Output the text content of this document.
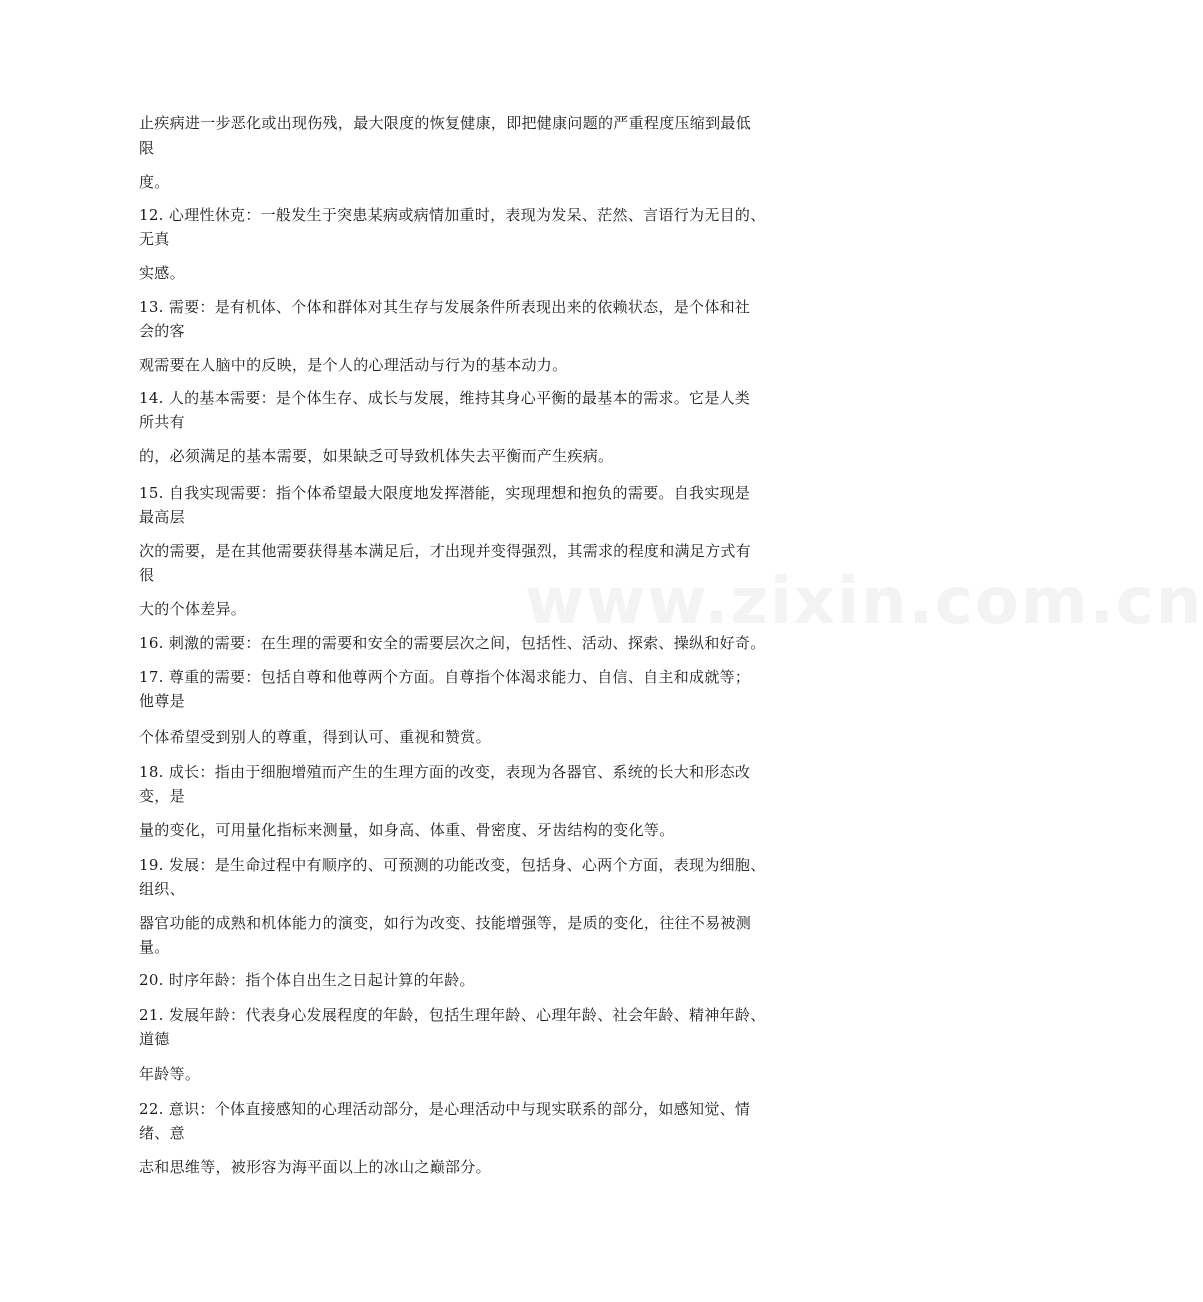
www.zixin.com.cn
止疾病进一步恶化或出现伤残，最大限度的恢复健康，即把健康问题的严重程度压缩到最低
限
度。
12. 心理性休克：一般发生于突患某病或病情加重时，表现为发呆、茫然、言语行为无目的、
无真
实感。
13. 需要：是有机体、个体和群体对其生存与发展条件所表现出来的依赖状态，是个体和社
会的客
观需要在人脑中的反映，是个人的心理活动与行为的基本动力。
14. 人的基本需要：是个体生存、成长与发展，维持其身心平衡的最基本的需求。它是人类
所共有
的，必须满足的基本需要，如果缺乏可导致机体失去平衡而产生疾病。
15. 自我实现需要：指个体希望最大限度地发挥潜能，实现理想和抱负的需要。自我实现是
最高层
次的需要，是在其他需要获得基本满足后，才出现并变得强烈，其需求的程度和满足方式有
很
大的个体差异。
16. 刺激的需要：在生理的需要和安全的需要层次之间，包括性、活动、探索、操纵和好奇。
17. 尊重的需要：包括自尊和他尊两个方面。自尊指个体渴求能力、自信、自主和成就等；
他尊是
个体希望受到别人的尊重，得到认可、重视和赞赏。
18. 成长：指由于细胞增殖而产生的生理方面的改变，表现为各器官、系统的长大和形态改
变，是
量的变化，可用量化指标来测量，如身高、体重、骨密度、牙齿结构的变化等。
19. 发展：是生命过程中有顺序的、可预测的功能改变，包括身、心两个方面，表现为细胞、
组织、
器官功能的成熟和机体能力的演变，如行为改变、技能增强等，是质的变化，往往不易被测
量。
20. 时序年龄：指个体自出生之日起计算的年龄。
21. 发展年龄：代表身心发展程度的年龄，包括生理年龄、心理年龄、社会年龄、精神年龄、
道德
年龄等。
22. 意识：个体直接感知的心理活动部分，是心理活动中与现实联系的部分，如感知觉、情
绪、意
志和思维等，被形容为海平面以上的冰山之巅部分。
